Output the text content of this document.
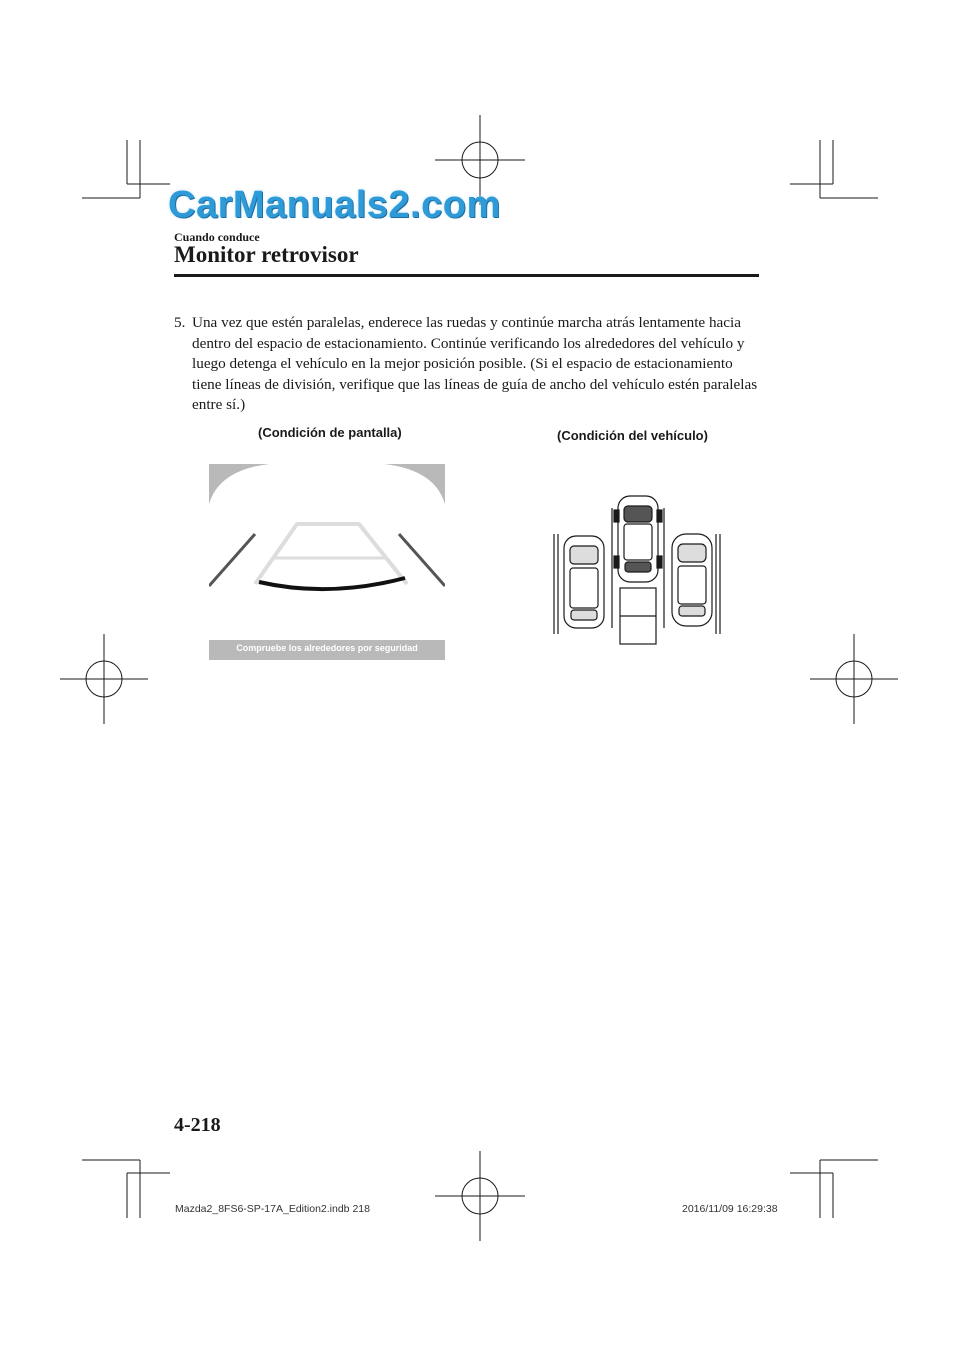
CarManuals2.com
Cuando conduce
Monitor retrovisor
5. Una vez que estén paralelas, enderece las ruedas y continúe marcha atrás lentamente hacia dentro del espacio de estacionamiento. Continúe verificando los alrededores del vehículo y luego detenga el vehículo en la mejor posición posible. (Si el espacio de estacionamiento tiene líneas de división, verifique que las líneas de guía de ancho del vehículo estén paralelas entre sí.)
(Condición de pantalla)	(Condición del vehículo)
Compruebe los alrededores por seguridad
4-218
Mazda2_8FS6-SP-17A_Edition2.indb 218	2016/11/09 16:29:38
